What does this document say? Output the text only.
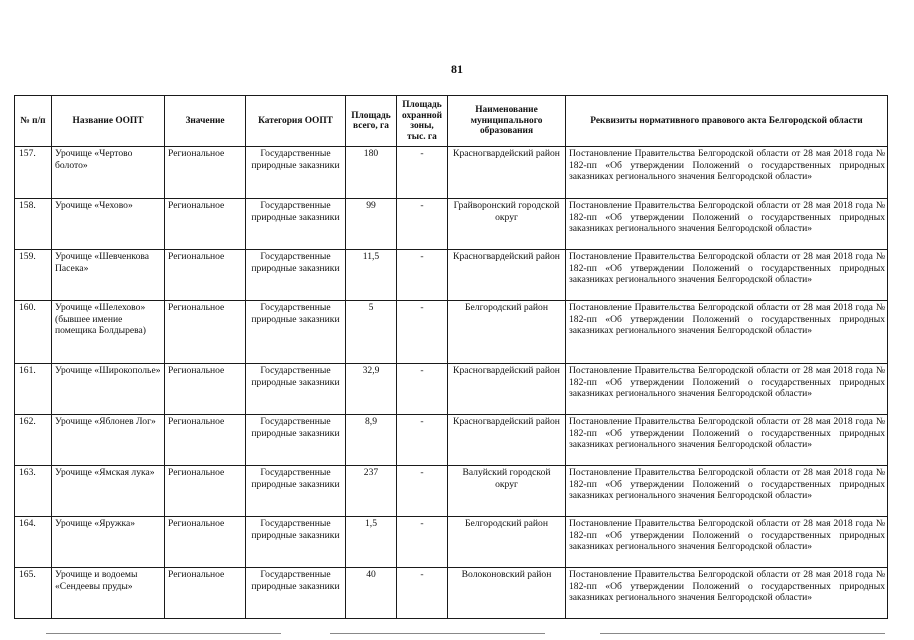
81
№ п/п	Название ООПТ	Значение	Категория ООПТ	Площадь всего, га	Площадь охранной зоны, тыс. га	Наименование муниципального образования	Реквизиты нормативного правового акта Белгородской области
157.	Урочище «Чертово болото»	Региональное	Государственные природные заказники	180	-	Красногвардейский район	Постановление Правительства Белгородской области от 28 мая 2018 года № 182-пп «Об утверждении Положений о государственных природных заказниках регионального значения Белгородской области»
158.	Урочище «Чехово»	Региональное	Государственные природные заказники	99	-	Грайворонский городской округ	Постановление Правительства Белгородской области от 28 мая 2018 года № 182-пп «Об утверждении Положений о государственных природных заказниках регионального значения Белгородской области»
159.	Урочище «Шевченкова Пасека»	Региональное	Государственные природные заказники	11,5	-	Красногвардейский район	Постановление Правительства Белгородской области от 28 мая 2018 года № 182-пп «Об утверждении Положений о государственных природных заказниках регионального значения Белгородской области»
160.	Урочище «Шелехово» (бывшее имение помещика Болдырева)	Региональное	Государственные природные заказники	5	-	Белгородский район	Постановление Правительства Белгородской области от 28 мая 2018 года № 182-пп «Об утверждении Положений о государственных природных заказниках регионального значения Белгородской области»
161.	Урочище «Широкополье»	Региональное	Государственные природные заказники	32,9	-	Красногвардейский район	Постановление Правительства Белгородской области от 28 мая 2018 года № 182-пп «Об утверждении Положений о государственных природных заказниках регионального значения Белгородской области»
162.	Урочище «Яблонев Лог»	Региональное	Государственные природные заказники	8,9	-	Красногвардейский район	Постановление Правительства Белгородской области от 28 мая 2018 года № 182-пп «Об утверждении Положений о государственных природных заказниках регионального значения Белгородской области»
163.	Урочище «Ямская лука»	Региональное	Государственные природные заказники	237	-	Валуйский городской округ	Постановление Правительства Белгородской области от 28 мая 2018 года № 182-пп «Об утверждении Положений о государственных природных заказниках регионального значения Белгородской области»
164.	Урочище «Яружка»	Региональное	Государственные природные заказники	1,5	-	Белгородский район	Постановление Правительства Белгородской области от 28 мая 2018 года № 182-пп «Об утверждении Положений о государственных природных заказниках регионального значения Белгородской области»
165.	Урочище и водоемы «Сендеевы пруды»	Региональное	Государственные природные заказники	40	-	Волоконовский район	Постановление Правительства Белгородской области от 28 мая 2018 года № 182-пп «Об утверждении Положений о государственных природных заказниках регионального значения Белгородской области»
